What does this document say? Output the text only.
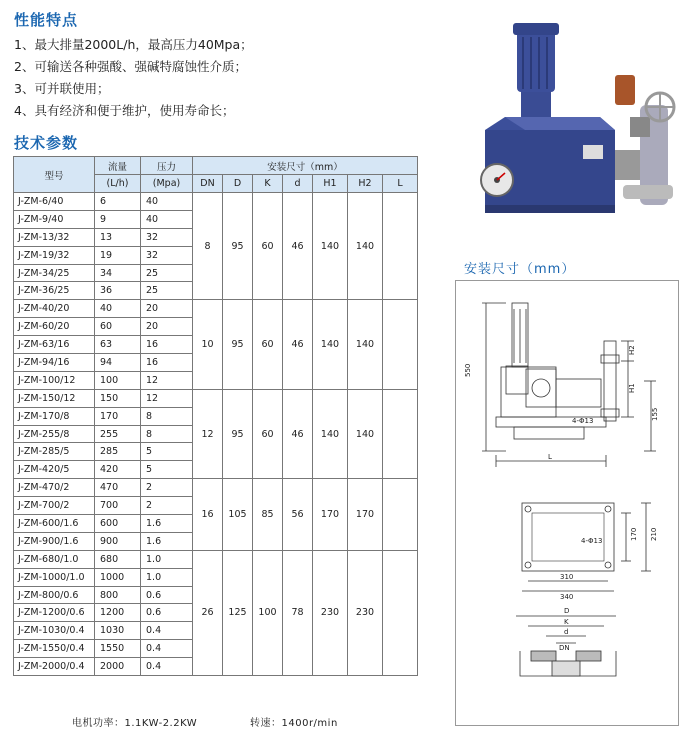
性能特点
1、最大排量2000L/h，最高压力40Mpa；
2、可输送各种强酸、强碱特腐蚀性介质；
3、可并联使用；
4、具有经济和便于维护，使用寿命长；
技术参数
型号	流量	压力	安装尺寸（mm）						
	(L/h)	(Mpa)	DN	D	K	d	H1	H2	L
J-ZM-6/40	6	40	8	95	60	46	140	140	
J-ZM-9/40	9	40							
J-ZM-13/32	13	32							
J-ZM-19/32	19	32							
J-ZM-34/25	34	25							
J-ZM-36/25	36	25							
J-ZM-40/20	40	20	10	95	60	46	140	140	
J-ZM-60/20	60	20							
J-ZM-63/16	63	16							
J-ZM-94/16	94	16							
J-ZM-100/12	100	12							
J-ZM-150/12	150	12	12	95	60	46	140	140	
J-ZM-170/8	170	8							
J-ZM-255/8	255	8							
J-ZM-285/5	285	5							
J-ZM-420/5	420	5							
J-ZM-470/2	470	2	16	105	85	56	170	170	
J-ZM-700/2	700	2							
J-ZM-600/1.6	600	1.6							
J-ZM-900/1.6	900	1.6							
J-ZM-680/1.0	680	1.0	26	125	100	78	230	230	
J-ZM-1000/1.0	1000	1.0							
J-ZM-800/0.6	800	0.6							
J-ZM-1200/0.6	1200	0.6							
J-ZM-1030/0.4	1030	0.4							
J-ZM-1550/0.4	1550	0.4							
J-ZM-2000/0.4	2000	0.4							
电机功率：1.1KW-2.2KW	转速：1400r/min
安装尺寸（mm）
550
H2
H1
155
4-Φ13
L
170 210
4-Φ13
310
340
D
K
d
DN
